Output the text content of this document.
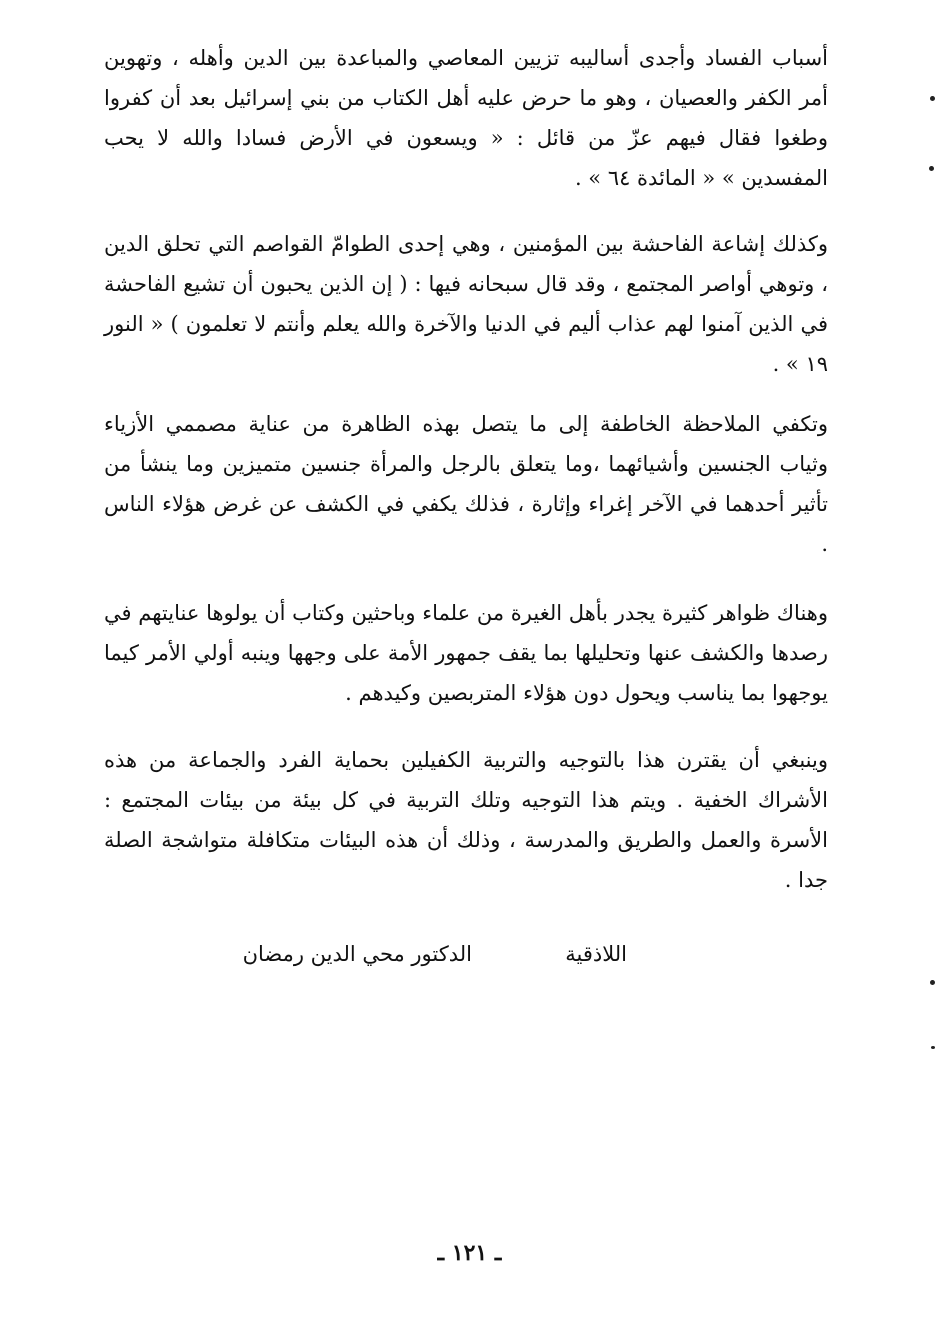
أسباب الفساد وأجدى أساليبه تزيين المعاصي والمباعدة بين الدين وأهله ، وتهوين أمر الكفر والعصيان ، وهو ما حرض عليه أهل الكتاب من بني إسرائيل بعد أن كفروا وطغوا فقال فيهم عزّ من قائل : « ويسعون في الأرض فسادا والله لا يحب المفسدين » « المائدة ٦٤ » .

وكذلك إشاعة الفاحشة بين المؤمنين ، وهي إحدى الطوامّ القواصم التي تحلق الدين ، وتوهي أواصر المجتمع ، وقد قال سبحانه فيها : ( إن الذين يحبون أن تشيع الفاحشة في الذين آمنوا لهم عذاب أليم في الدنيا والآخرة والله يعلم وأنتم لا تعلمون ) « النور ١٩ » .

وتكفي الملاحظة الخاطفة إلى ما يتصل بهذه الظاهرة من عناية مصممي الأزياء وثياب الجنسين وأشيائهما ،وما يتعلق بالرجل والمرأة جنسين متميزين وما ينشأ من تأثير أحدهما في الآخر إغراء وإثارة ، فذلك يكفي في الكشف عن غرض هؤلاء الناس .

وهناك ظواهر كثيرة يجدر بأهل الغيرة من علماء وباحثين وكتاب أن يولوها عنايتهم في رصدها والكشف عنها وتحليلها بما يقف جمهور الأمة على وجهها وينبه أولي الأمر كيما يوجهوا بما يناسب ويحول دون هؤلاء المتربصين وكيدهم .

وينبغي أن يقترن هذا بالتوجيه والتربية الكفيلين بحماية الفرد والجماعة من هذه الأشراك الخفية . ويتم هذا التوجيه وتلك التربية في كل بيئة من بيئات المجتمع : الأسرة والعمل والطريق والمدرسة ، وذلك أن هذه البيئات متكافلة متواشجة الصلة جدا .

اللاذقية
الدكتور محي الدين رمضان
ـ ١٢١ ـ
